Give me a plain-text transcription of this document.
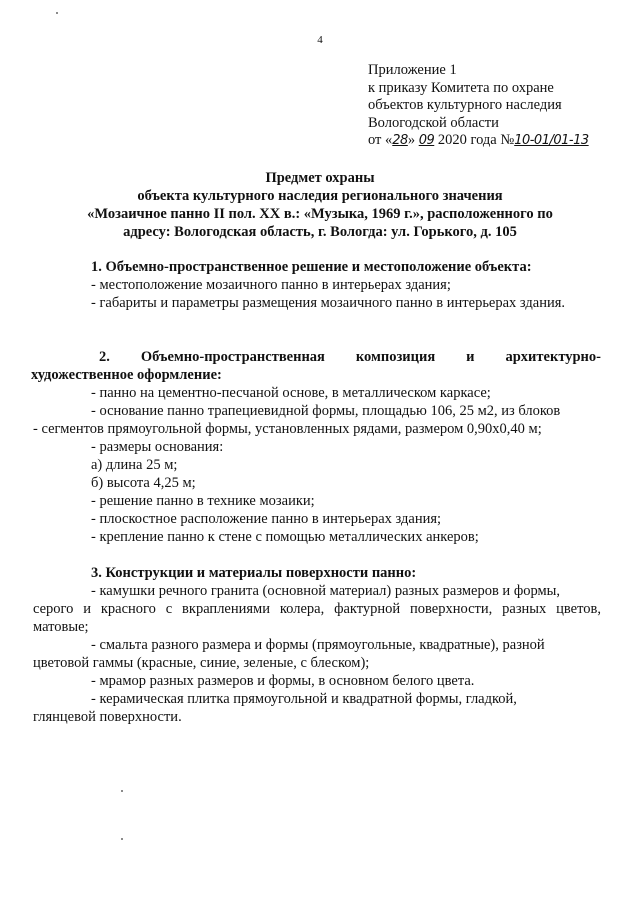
4
Приложение 1
к приказу Комитета по охране
объектов культурного наследия
Вологодской области
от «28» 09 2020 года №10-01/01-13
Предмет охраны
объекта культурного наследия регионального значения
«Мозаичное панно II пол. XX в.: «Музыка, 1969 г.», расположенного по
адресу: Вологодская область, г. Вологда: ул. Горького, д. 105

1. Объемно-пространственное решение и местоположение объекта:

- местоположение мозаичного панно в интерьерах здания;

- габариты и параметры размещения мозаичного панно в интерьерах здания.

2. Объемно-пространственная композиция и архитектурно-

художественное оформление:

- панно на цементно-песчаной основе, в металлическом каркасе;

- основание панно трапециевидной формы, площадью 106, 25 м2, из блоков

- сегментов прямоугольной формы, установленных рядами, размером 0,90х0,40 м;

- размеры основания:

а) длина 25 м;

б) высота 4,25 м;

- решение панно в технике мозаики;

- плоскостное расположение панно в интерьерах здания;

- крепление панно к стене с помощью металлических анкеров;

3. Конструкции и материалы поверхности панно:

- камушки речного гранита (основной материал) разных размеров и формы,

серого и красного с вкраплениями колера, фактурной поверхности, разных цветов, матовые;

- смальта разного размера и формы (прямоугольные, квадратные), разной

цветовой гаммы (красные, синие, зеленые, с блеском);

- мрамор разных размеров и формы, в основном белого цвета.

- керамическая плитка прямоугольной и квадратной формы, гладкой,

глянцевой поверхности.
